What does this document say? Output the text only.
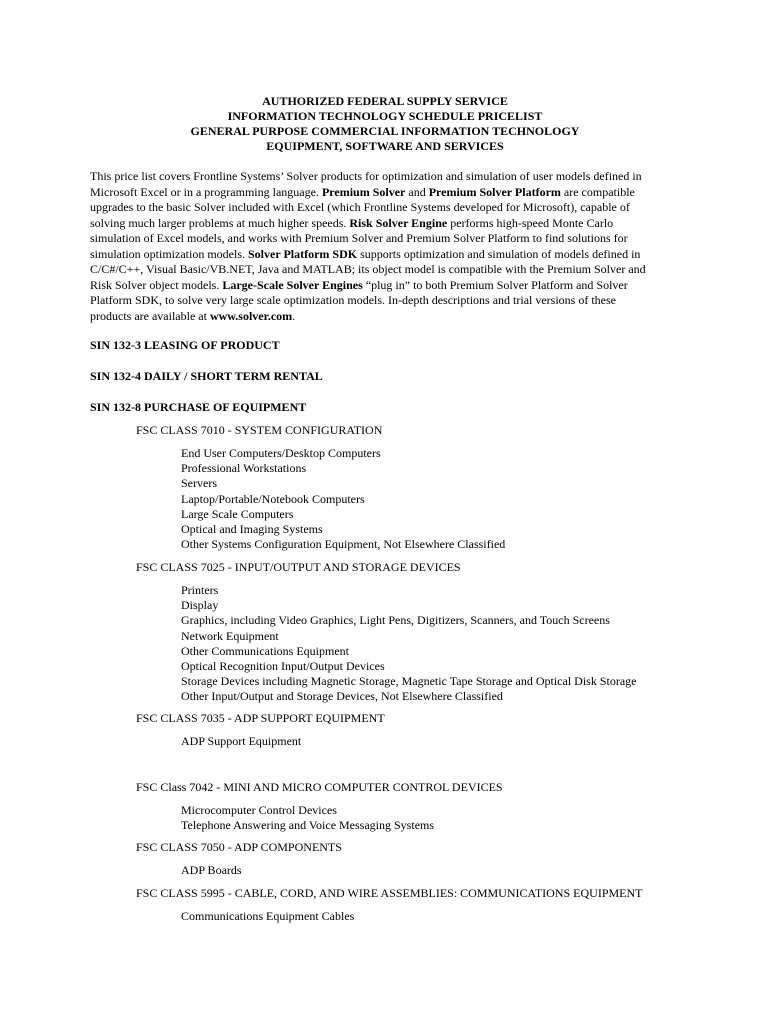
AUTHORIZED FEDERAL SUPPLY SERVICE
INFORMATION TECHNOLOGY SCHEDULE PRICELIST
GENERAL PURPOSE COMMERCIAL INFORMATION TECHNOLOGY
EQUIPMENT, SOFTWARE AND SERVICES
This price list covers Frontline Systems’ Solver products for optimization and simulation of user models defined in
Microsoft Excel or in a programming language. Premium Solver and Premium Solver Platform are compatible
upgrades to the basic Solver included with Excel (which Frontline Systems developed for Microsoft), capable of
solving much larger problems at much higher speeds. Risk Solver Engine performs high-speed Monte Carlo
simulation of Excel models, and works with Premium Solver and Premium Solver Platform to find solutions for
simulation optimization models. Solver Platform SDK supports optimization and simulation of models defined in
C/C#/C++, Visual Basic/VB.NET, Java and MATLAB; its object model is compatible with the Premium Solver and
Risk Solver object models. Large-Scale Solver Engines “plug in” to both Premium Solver Platform and Solver
Platform SDK, to solve very large scale optimization models. In-depth descriptions and trial versions of these
products are available at www.solver.com.
SIN 132-3 LEASING OF PRODUCT
SIN 132-4 DAILY / SHORT TERM RENTAL
SIN 132-8 PURCHASE OF EQUIPMENT
FSC CLASS 7010 - SYSTEM CONFIGURATION
End User Computers/Desktop Computers
Professional Workstations
Servers
Laptop/Portable/Notebook Computers
Large Scale Computers
Optical and Imaging Systems
Other Systems Configuration Equipment, Not Elsewhere Classified
FSC CLASS 7025 - INPUT/OUTPUT AND STORAGE DEVICES
Printers
Display
Graphics, including Video Graphics, Light Pens, Digitizers, Scanners, and Touch Screens
Network Equipment
Other Communications Equipment
Optical Recognition Input/Output Devices
Storage Devices including Magnetic Storage, Magnetic Tape Storage and Optical Disk Storage
Other Input/Output and Storage Devices, Not Elsewhere Classified
FSC CLASS 7035 - ADP SUPPORT EQUIPMENT
ADP Support Equipment
FSC Class 7042 - MINI AND MICRO COMPUTER CONTROL DEVICES
Microcomputer Control Devices
Telephone Answering and Voice Messaging Systems
FSC CLASS 7050 - ADP COMPONENTS
ADP Boards
FSC CLASS 5995 - CABLE, CORD, AND WIRE ASSEMBLIES: COMMUNICATIONS EQUIPMENT
Communications Equipment Cables
